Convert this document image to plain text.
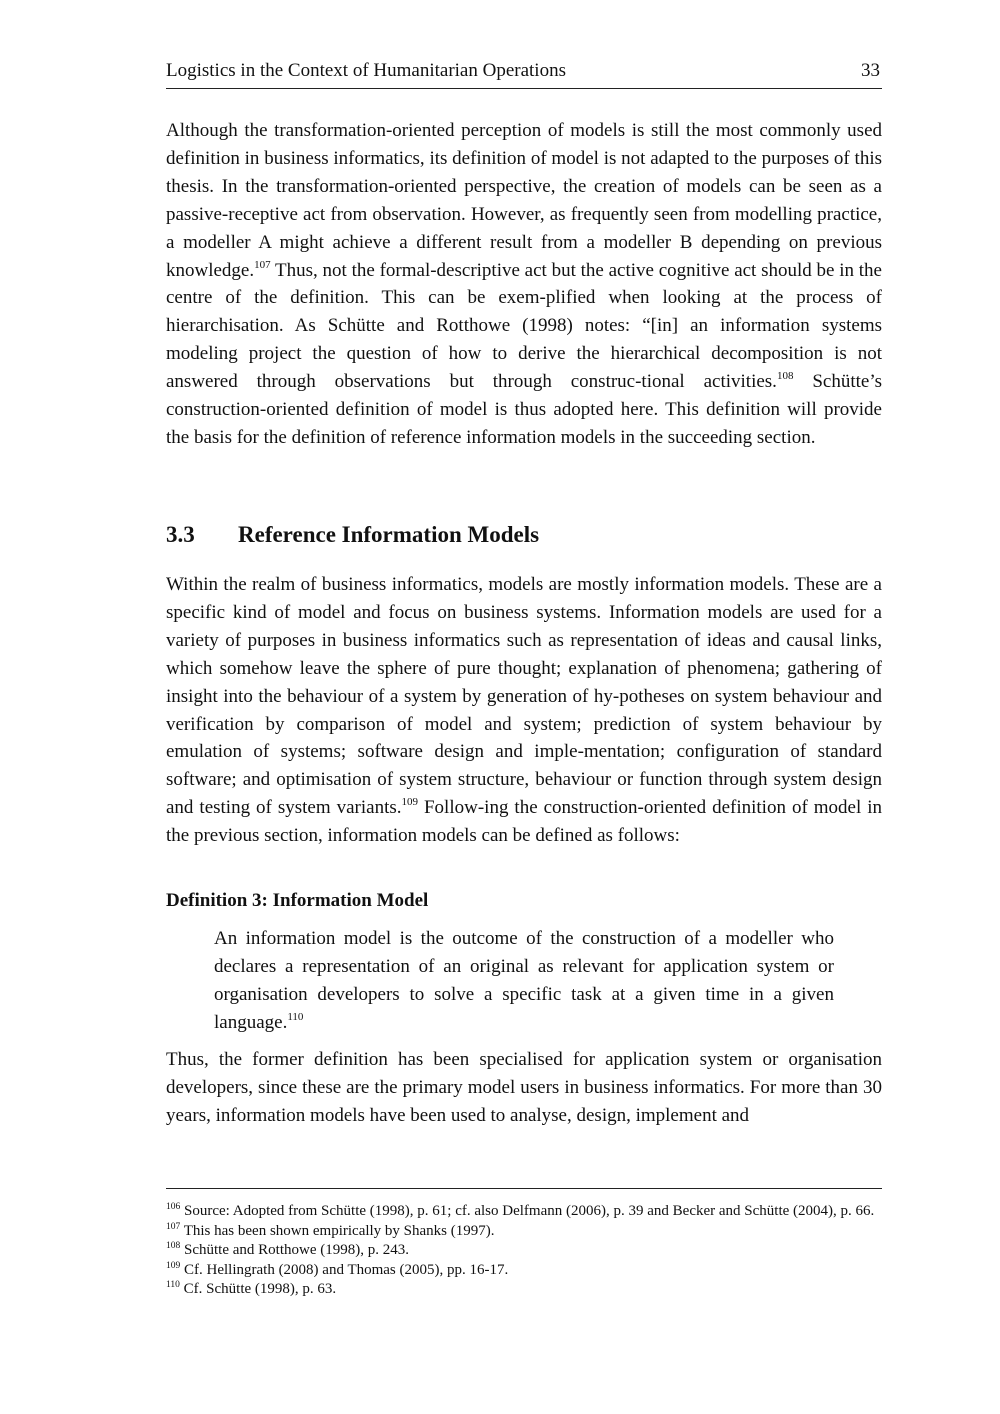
Logistics in the Context of Humanitarian Operations	33

Although the transformation-oriented perception of models is still the most commonly used definition in business informatics, its definition of model is not adapted to the purposes of this thesis. In the transformation-oriented perspective, the creation of models can be seen as a passive-receptive act from observation. However, as frequently seen from modelling practice, a modeller A might achieve a different result from a modeller B depending on previous knowledge.$^{107}$ Thus, not the formal-descriptive act but the active cognitive act should be in the centre of the definition. This can be exem-plified when looking at the process of hierarchisation. As Schütte and Rotthowe (1998) notes: “[in] an information systems modeling project the question of how to derive the hierarchical decomposition is not answered through observations but through construc-tional activities.$^{108}$ Schütte’s construction-oriented definition of model is thus adopted here. This definition will provide the basis for the definition of reference information models in the succeeding section.

3.3 Reference Information Models

Within the realm of business informatics, models are mostly information models. These are a specific kind of model and focus on business systems. Information models are used for a variety of purposes in business informatics such as representation of ideas and causal links, which somehow leave the sphere of pure thought; explanation of phenomena; gathering of insight into the behaviour of a system by generation of hy-potheses on system behaviour and verification by comparison of model and system; prediction of system behaviour by emulation of systems; software design and imple-mentation; configuration of standard software; and optimisation of system structure, behaviour or function through system design and testing of system variants.$^{109}$ Follow-ing the construction-oriented definition of model in the previous section, information models can be defined as follows:

Definition 3: Information Model

An information model is the outcome of the construction of a modeller who declares a representation of an original as relevant for application system or organisation developers to solve a specific task at a given time in a given language.$^{110}$

Thus, the former definition has been specialised for application system or organisation developers, since these are the primary model users in business informatics. For more than 30 years, information models have been used to analyse, design, implement and

$^{106}$ Source: Adopted from Schütte (1998), p. 61; cf. also Delfmann (2006), p. 39 and Becker and Schütte (2004), p. 66.
$^{107}$ This has been shown empirically by Shanks (1997).
$^{108}$ Schütte and Rotthowe (1998), p. 243.
$^{109}$ Cf. Hellingrath (2008) and Thomas (2005), pp. 16-17.
$^{110}$ Cf. Schütte (1998), p. 63.
